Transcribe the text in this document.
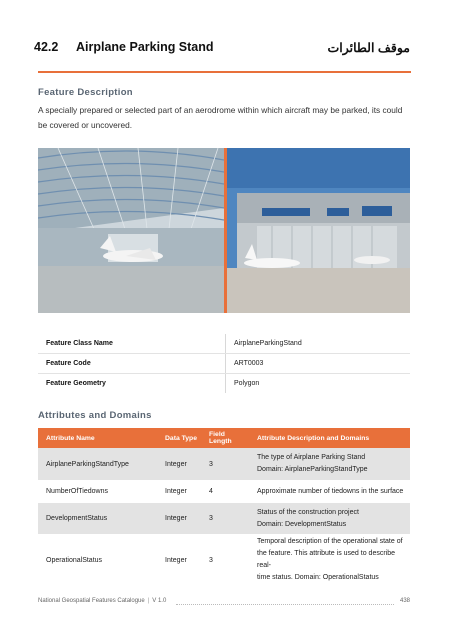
42.2 Airplane Parking Stand	موقف الطائرات
Feature Description
A specially prepared or selected part of an aerodrome within which aircraft may be parked, its could be covered or uncovered.
Feature Class Name	AirplaneParkingStand
Feature Code	ART0003
Feature Geometry	Polygon
Attributes and Domains
Attribute Name	Data Type	Field Length	Attribute Description and Domains
AirplaneParkingStandType	Integer	3	The type of Airplane Parking Stand
Domain: AirplaneParkingStandType

NumberOfTiedowns	Integer	4	Approximate number of tiedowns in the surface

DevelopmentStatus	Integer	3	Status of the construction project
Domain: DevelopmentStatus

OperationalStatus	Integer	3	Temporal description of the operational state of
the feature. This attribute is used to describe real-
time status. Domain: OperationalStatus
National Geospatial Features Catalogue | V 1.0	438
